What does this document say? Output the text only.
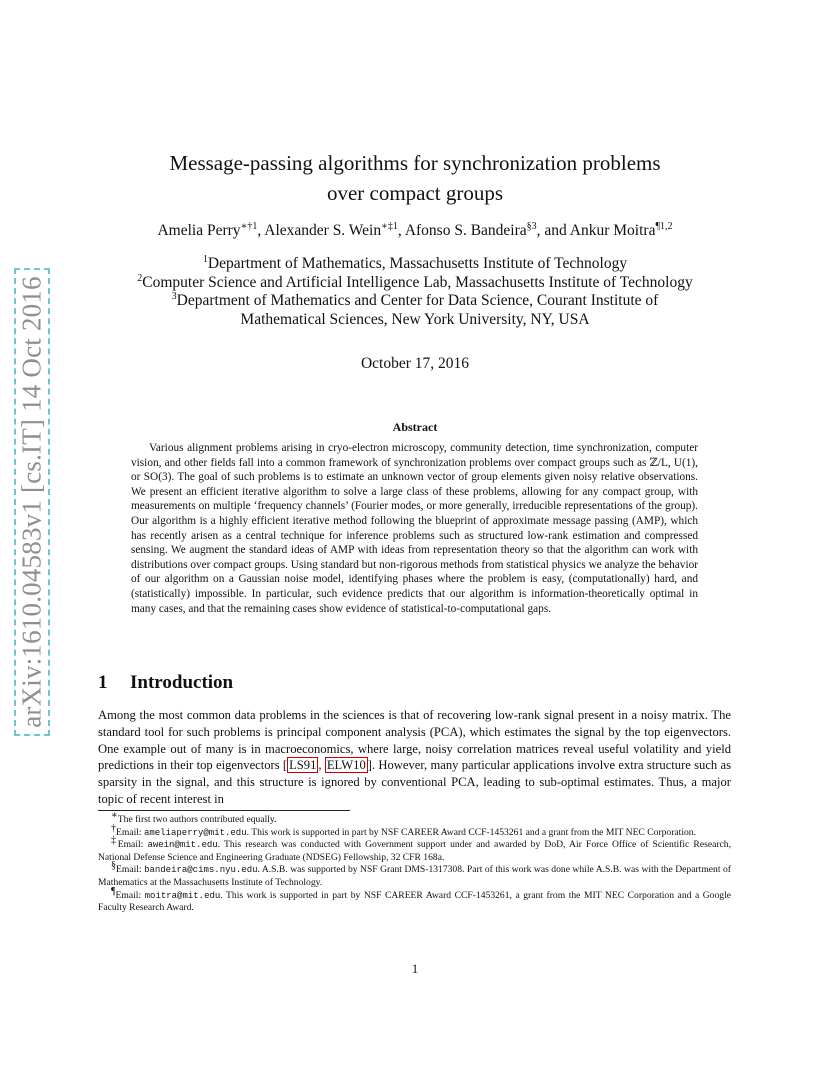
arXiv:1610.04583v1 [cs.IT] 14 Oct 2016
Message-passing algorithms for synchronization problems
over compact groups
Amelia Perry$^{∗\dagger 1}$, Alexander S. Wein$^{∗\ddagger 1}$, Afonso S. Bandeira$^{\S 3}$, and Ankur Moitra$^{\P 1,2}$
$^1$Department of Mathematics, Massachusetts Institute of Technology
$^2$Computer Science and Artificial Intelligence Lab, Massachusetts Institute of Technology
$^3$Department of Mathematics and Center for Data Science, Courant Institute of
Mathematical Sciences, New York University, NY, USA
October 17, 2016
Abstract
Various alignment problems arising in cryo-electron microscopy, community detection, time synchronization, computer vision, and other fields fall into a common framework of synchronization problems over compact groups such as ℤ/L, U(1), or SO(3). The goal of such problems is to estimate an unknown vector of group elements given noisy relative observations. We present an efficient iterative algorithm to solve a large class of these problems, allowing for any compact group, with measurements on multiple ‘frequency channels’ (Fourier modes, or more generally, irreducible representations of the group). Our algorithm is a highly efficient iterative method following the blueprint of approximate message passing (AMP), which has recently arisen as a central technique for inference problems such as structured low-rank estimation and compressed sensing. We augment the standard ideas of AMP with ideas from representation theory so that the algorithm can work with distributions over compact groups. Using standard but non-rigorous methods from statistical physics we analyze the behavior of our algorithm on a Gaussian noise model, identifying phases where the problem is easy, (computationally) hard, and (statistically) impossible. In particular, such evidence predicts that our algorithm is information-theoretically optimal in many cases, and that the remaining cases show evidence of statistical-to-computational gaps.
1 Introduction
Among the most common data problems in the sciences is that of recovering low-rank signal present in a noisy matrix. The standard tool for such problems is principal component analysis (PCA), which estimates the signal by the top eigenvectors. One example out of many is in macroeconomics, where large, noisy correlation matrices reveal useful volatility and yield predictions in their top eigenvectors [ LS91 , ELW10 ]. However, many particular applications involve extra structure such as sparsity in the signal, and this structure is ignored by conventional PCA, leading to sub-optimal estimates. Thus, a major topic of recent interest in

∗The first two authors contributed equally.

†Email: ameliaperry@mit.edu. This work is supported in part by NSF CAREER Award CCF-1453261 and a grant from the MIT NEC Corporation.

‡Email: awein@mit.edu. This research was conducted with Government support under and awarded by DoD, Air Force Office of Scientific Research, National Defense Science and Engineering Graduate (NDSEG) Fellowship, 32 CFR 168a.

§Email: bandeira@cims.nyu.edu. A.S.B. was supported by NSF Grant DMS-1317308. Part of this work was done while A.S.B. was with the Department of Mathematics at the Massachusetts Institute of Technology.

¶Email: moitra@mit.edu. This work is supported in part by NSF CAREER Award CCF-1453261, a grant from the MIT NEC Corporation and a Google Faculty Research Award.

1
